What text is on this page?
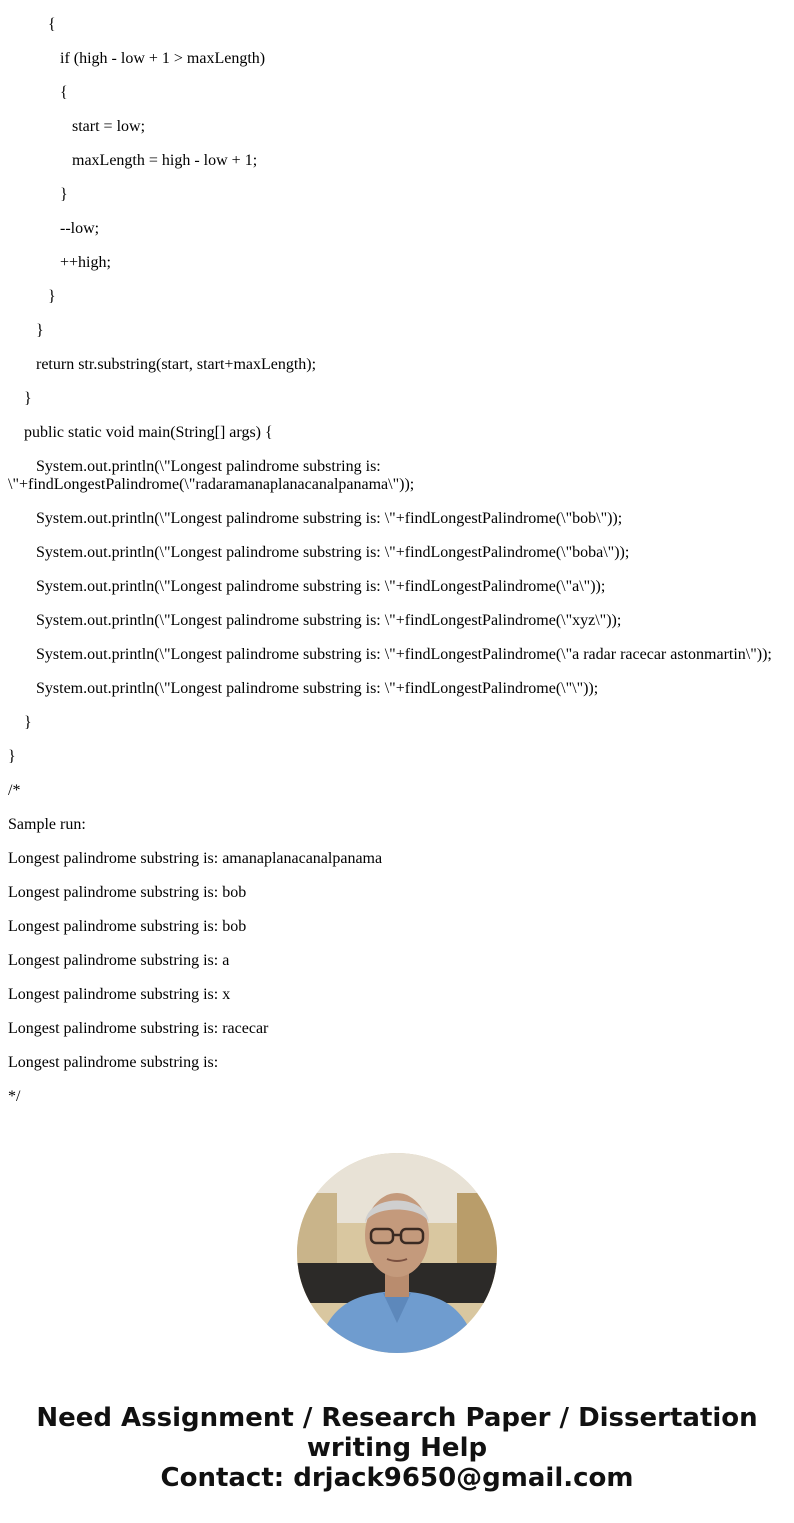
{
if (high - low + 1 > maxLength)
{
start = low;
maxLength = high - low + 1;
}
--low;
++high;
}
}
return str.substring(start, start+maxLength);
}
public static void main(String[] args) {
System.out.println(\"Longest palindrome substring is: \"+findLongestPalindrome(\"radaramanaplanacanalpanama\"));
System.out.println(\"Longest palindrome substring is: \"+findLongestPalindrome(\"bob\"));
System.out.println(\"Longest palindrome substring is: \"+findLongestPalindrome(\"boba\"));
System.out.println(\"Longest palindrome substring is: \"+findLongestPalindrome(\"a\"));
System.out.println(\"Longest palindrome substring is: \"+findLongestPalindrome(\"xyz\"));
System.out.println(\"Longest palindrome substring is: \"+findLongestPalindrome(\"a radar racecar astonmartin\"));
System.out.println(\"Longest palindrome substring is: \"+findLongestPalindrome(\"\"));
}
}
/*
Sample run:
Longest palindrome substring is: amanaplanacanalpanama
Longest palindrome substring is: bob
Longest palindrome substring is: bob
Longest palindrome substring is: a
Longest palindrome substring is: x
Longest palindrome substring is: racecar
Longest palindrome substring is:
*/
Need Assignment / Research Paper / Dissertation
writing Help
Contact: drjack9650@gmail.com
